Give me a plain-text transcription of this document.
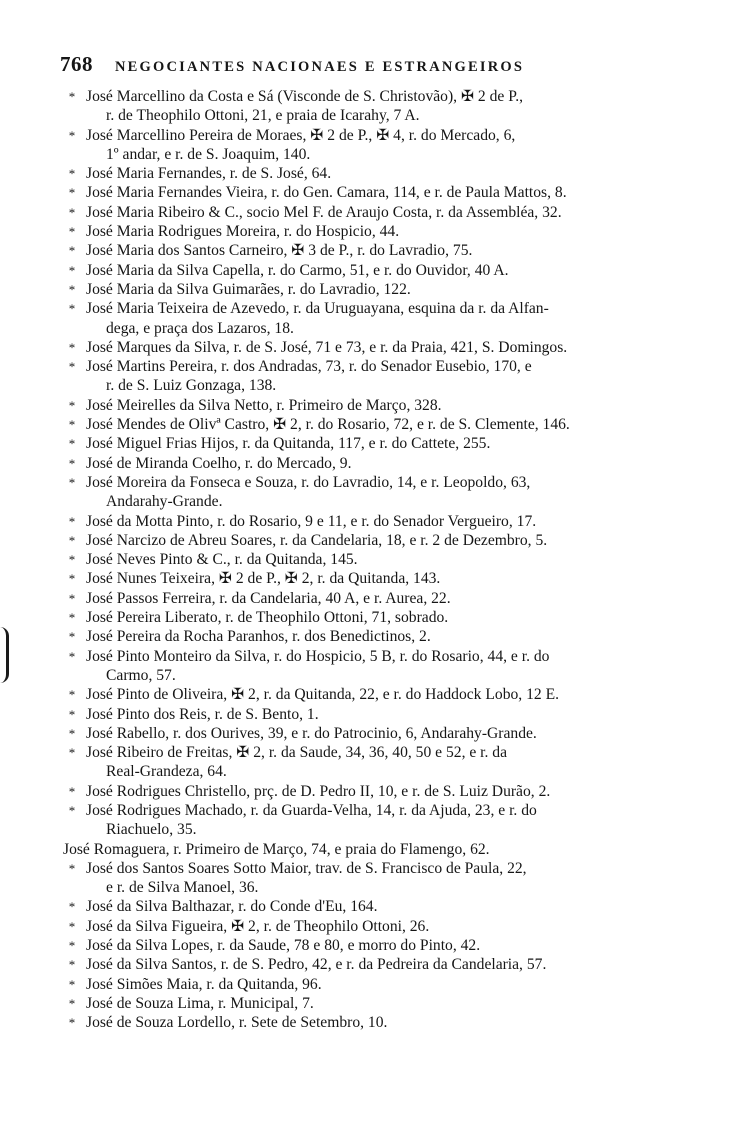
768 NEGOCIANTES NACIONAES E ESTRANGEIROS
* José Marcellino da Costa e Sá (Visconde de S. Christovão), ✠ 2 de P.,
r. de Theophilo Ottoni, 21, e praia de Icarahy, 7 A.
* José Marcellino Pereira de Moraes, ✠ 2 de P., ✠ 4, r. do Mercado, 6,
1º andar, e r. de S. Joaquim, 140.
* José Maria Fernandes, r. de S. José, 64.
* José Maria Fernandes Vieira, r. do Gen. Camara, 114, e r. de Paula Mattos, 8.
* José Maria Ribeiro & C., socio Mel F. de Araujo Costa, r. da Assembléa, 32.
* José Maria Rodrigues Moreira, r. do Hospicio, 44.
* José Maria dos Santos Carneiro, ✠ 3 de P., r. do Lavradio, 75.
* José Maria da Silva Capella, r. do Carmo, 51, e r. do Ouvidor, 40 A.
* José Maria da Silva Guimarães, r. do Lavradio, 122.
* José Maria Teixeira de Azevedo, r. da Uruguayana, esquina da r. da Alfan-
dega, e praça dos Lazaros, 18.
* José Marques da Silva, r. de S. José, 71 e 73, e r. da Praia, 421, S. Domingos.
* José Martins Pereira, r. dos Andradas, 73, r. do Senador Eusebio, 170, e
r. de S. Luiz Gonzaga, 138.
* José Meirelles da Silva Netto, r. Primeiro de Março, 328.
* José Mendes de Olivª Castro, ✠ 2, r. do Rosario, 72, e r. de S. Clemente, 146.
* José Miguel Frias Hijos, r. da Quitanda, 117, e r. do Cattete, 255.
* José de Miranda Coelho, r. do Mercado, 9.
* José Moreira da Fonseca e Souza, r. do Lavradio, 14, e r. Leopoldo, 63,
Andarahy-Grande.
* José da Motta Pinto, r. do Rosario, 9 e 11, e r. do Senador Vergueiro, 17.
* José Narcizo de Abreu Soares, r. da Candelaria, 18, e r. 2 de Dezembro, 5.
* José Neves Pinto & C., r. da Quitanda, 145.
* José Nunes Teixeira, ✠ 2 de P., ✠ 2, r. da Quitanda, 143.
* José Passos Ferreira, r. da Candelaria, 40 A, e r. Aurea, 22.
* José Pereira Liberato, r. de Theophilo Ottoni, 71, sobrado.
* José Pereira da Rocha Paranhos, r. dos Benedictinos, 2.
* José Pinto Monteiro da Silva, r. do Hospicio, 5 B, r. do Rosario, 44, e r. do
Carmo, 57.
* José Pinto de Oliveira, ✠ 2, r. da Quitanda, 22, e r. do Haddock Lobo, 12 E.
* José Pinto dos Reis, r. de S. Bento, 1.
* José Rabello, r. dos Ourives, 39, e r. do Patrocinio, 6, Andarahy-Grande.
* José Ribeiro de Freitas, ✠ 2, r. da Saude, 34, 36, 40, 50 e 52, e r. da
Real-Grandeza, 64.
* José Rodrigues Christello, prç. de D. Pedro II, 10, e r. de S. Luiz Durão, 2.
* José Rodrigues Machado, r. da Guarda-Velha, 14, r. da Ajuda, 23, e r. do
Riachuelo, 35.
José Romaguera, r. Primeiro de Março, 74, e praia do Flamengo, 62.
* José dos Santos Soares Sotto Maior, trav. de S. Francisco de Paula, 22,
e r. de Silva Manoel, 36.
* José da Silva Balthazar, r. do Conde d'Eu, 164.
* José da Silva Figueira, ✠ 2, r. de Theophilo Ottoni, 26.
* José da Silva Lopes, r. da Saude, 78 e 80, e morro do Pinto, 42.
* José da Silva Santos, r. de S. Pedro, 42, e r. da Pedreira da Candelaria, 57.
* José Simões Maia, r. da Quitanda, 96.
* José de Souza Lima, r. Municipal, 7.
* José de Souza Lordello, r. Sete de Setembro, 10.
